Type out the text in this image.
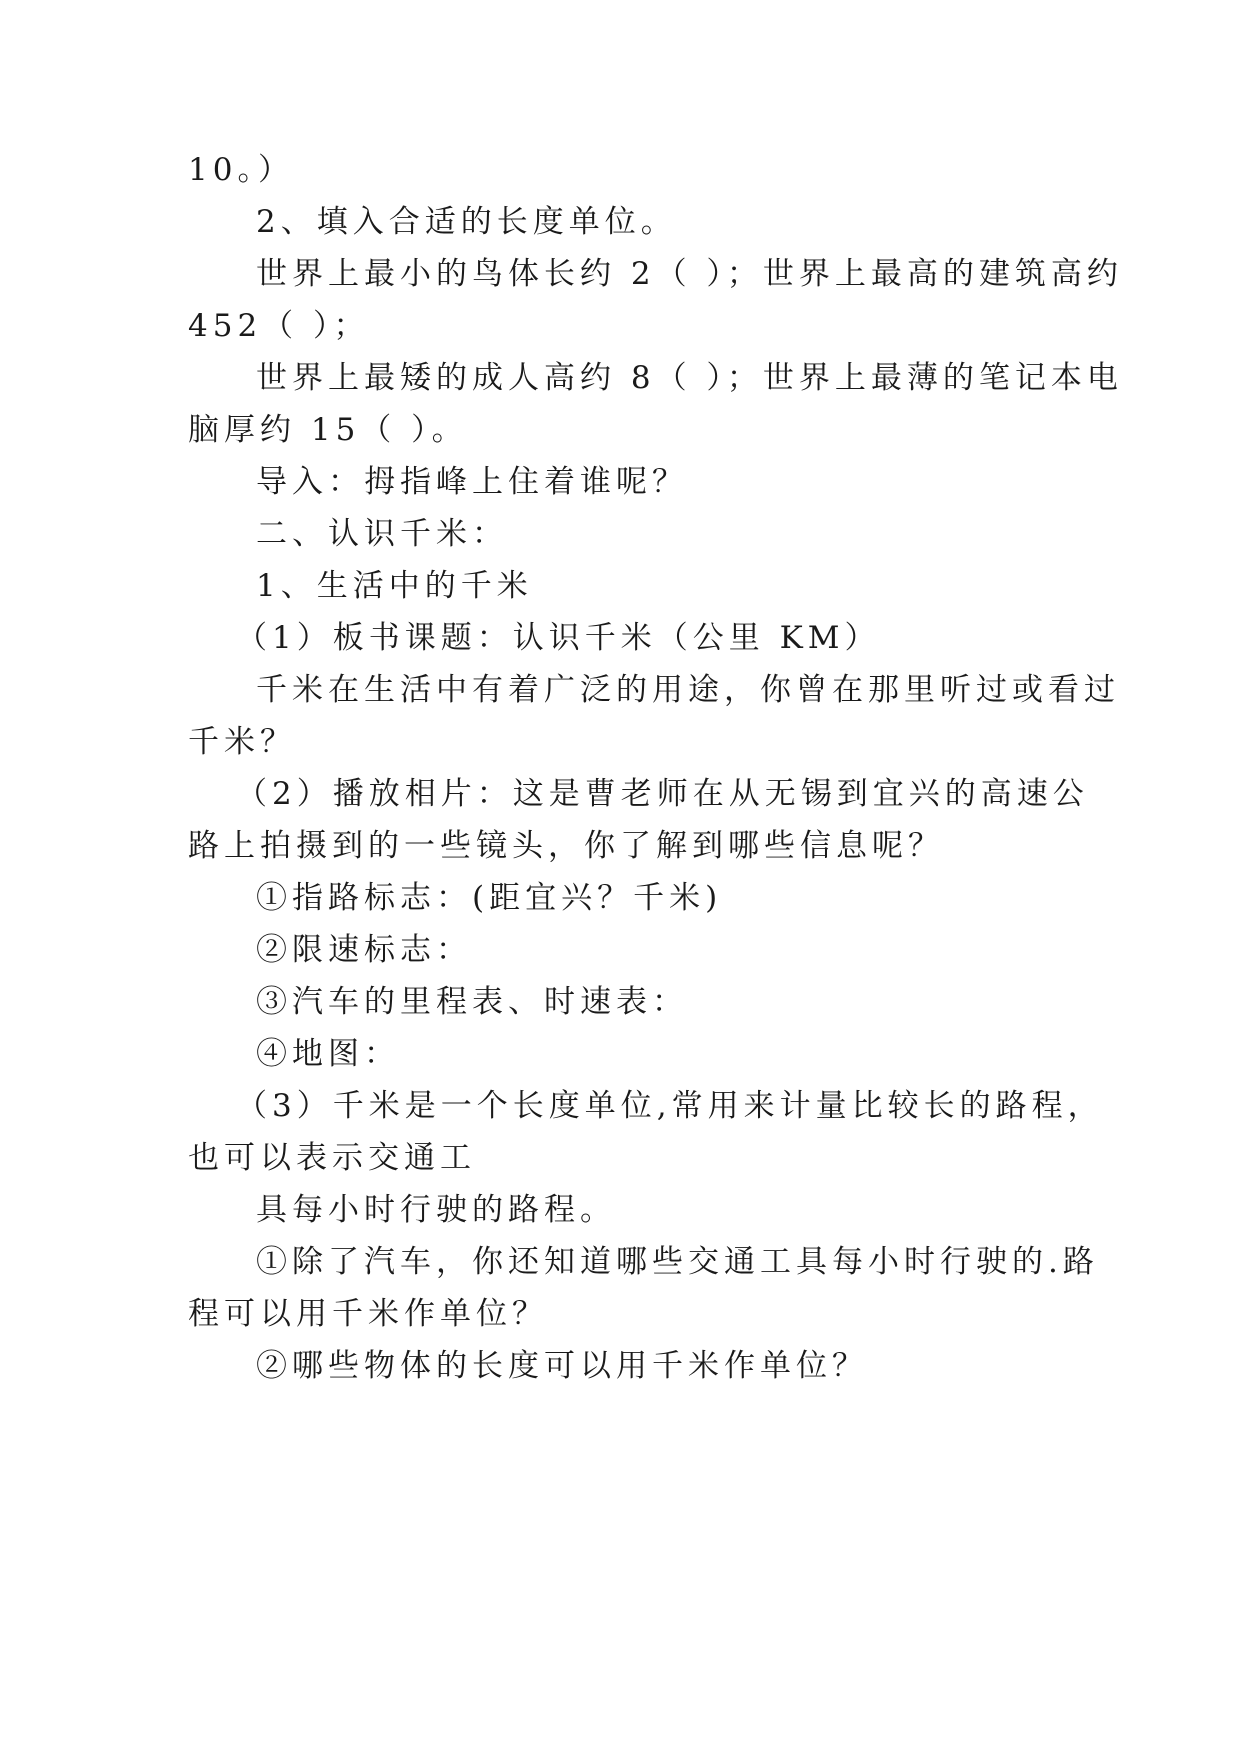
10。）

2、填入合适的长度单位。

世界上最小的鸟体长约 2（ ）；世界上最高的建筑高约

452（ ）；

世界上最矮的成人高约 8（ ）；世界上最薄的笔记本电

脑厚约 15（ ）。

导入：拇指峰上住着谁呢？

二、认识千米：

1、生活中的千米

（1）板书课题：认识千米（公里 KM）

千米在生活中有着广泛的用途，你曾在那里听过或看过

千米？

（2）播放相片：这是曹老师在从无锡到宜兴的高速公

路上拍摄到的一些镜头，你了解到哪些信息呢？

①指路标志：(距宜兴？千米)

②限速标志：

③汽车的里程表、时速表：

④地图：

（3）千米是一个长度单位,常用来计量比较长的路程，

也可以表示交通工

具每小时行驶的路程。

①除了汽车，你还知道哪些交通工具每小时行驶的.路

程可以用千米作单位？

②哪些物体的长度可以用千米作单位？
